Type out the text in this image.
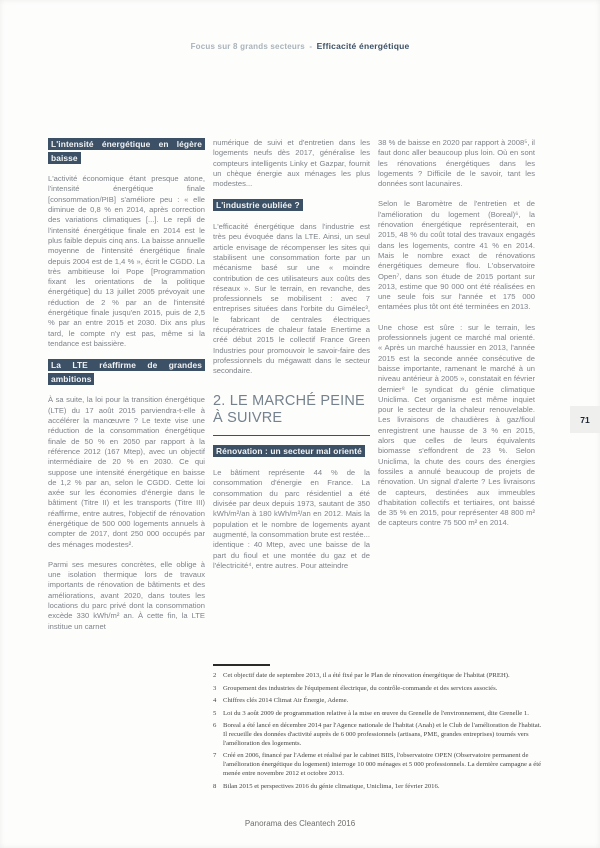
Focus sur 8 grands secteurs - Efficacité énergétique
L'intensité énergétique en légère baisse

L'activité économique étant presque atone, l'intensité énergétique finale [consommation/PIB] s'améliore peu : « elle diminue de 0,8 % en 2014, après correction des variations climatiques [...]. Le repli de l'intensité énergétique finale en 2014 est le plus faible depuis cinq ans. La baisse annuelle moyenne de l'intensité énergétique finale depuis 2004 est de 1,4 % », écrit le CGDD. La très ambitieuse loi Pope [Programmation fixant les orientations de la politique énergétique] du 13 juillet 2005 prévoyait une réduction de 2 % par an de l'intensité énergétique finale jusqu'en 2015, puis de 2,5 % par an entre 2015 et 2030. Dix ans plus tard, le compte n'y est pas, même si la tendance est baissière.

La LTE réaffirme de grandes ambitions

À sa suite, la loi pour la transition énergétique (LTE) du 17 août 2015 parviendra-t-elle à accélérer la manœuvre ? Le texte vise une réduction de la consommation énergétique finale de 50 % en 2050 par rapport à la référence 2012 (167 Mtep), avec un objectif intermédiaire de 20 % en 2030. Ce qui suppose une intensité énergétique en baisse de 1,2 % par an, selon le CGDD. Cette loi axée sur les économies d'énergie dans le bâtiment (Titre II) et les transports (Titre III) réaffirme, entre autres, l'objectif de rénovation énergétique de 500 000 logements annuels à compter de 2017, dont 250 000 occupés par des ménages modestes².

Parmi ses mesures concrètes, elle oblige à une isolation thermique lors de travaux importants de rénovation de bâtiments et des améliorations, avant 2020, dans toutes les locations du parc privé dont la consommation excède 330 kWh/m² an. À cette fin, la LTE institue un carnet

numérique de suivi et d'entretien dans les logements neufs dès 2017, généralise les compteurs intelligents Linky et Gazpar, fournit un chèque énergie aux ménages les plus modestes...

L'industrie oubliée ?

L'efficacité énergétique dans l'industrie est très peu évoquée dans la LTE. Ainsi, un seul article envisage de récompenser les sites qui stabilisent une consommation forte par un mécanisme basé sur une « moindre contribution de ces utilisateurs aux coûts des réseaux ». Sur le terrain, en revanche, des professionnels se mobilisent : avec 7 entreprises situées dans l'orbite du Gimélec³, le fabricant de centrales électriques récupératrices de chaleur fatale Enertime a créé début 2015 le collectif France Green Industries pour promouvoir le savoir-faire des professionnels du mégawatt dans le secteur secondaire.

2. LE MARCHÉ PEINE À SUIVRE
Rénovation : un secteur mal orienté

Le bâtiment représente 44 % de la consommation d'énergie en France. La consommation du parc résidentiel a été divisée par deux depuis 1973, sautant de 350 kWh/m²/an à 180 kWh/m²/an en 2012. Mais la population et le nombre de logements ayant augmenté, la consommation brute est restée... identique : 40 Mtep, avec une baisse de la part du fioul et une montée du gaz et de l'électricité⁴, entre autres. Pour atteindre

38 % de baisse en 2020 par rapport à 2008⁵, il faut donc aller beaucoup plus loin. Où en sont les rénovations énergétiques dans les logements ? Difficile de le savoir, tant les données sont lacunaires.

Selon le Baromètre de l'entretien et de l'amélioration du logement (Boreal)⁶, la rénovation énergétique représenterait, en 2015, 48 % du coût total des travaux engagés dans les logements, contre 41 % en 2014. Mais le nombre exact de rénovations énergétiques demeure flou. L'observatoire Open⁷, dans son étude de 2015 portant sur 2013, estime que 90 000 ont été réalisées en une seule fois sur l'année et 175 000 entamées plus tôt ont été terminées en 2013.

Une chose est sûre : sur le terrain, les professionnels jugent ce marché mal orienté. « Après un marché haussier en 2013, l'année 2015 est la seconde année consécutive de baisse importante, ramenant le marché à un niveau antérieur à 2005 », constatait en février dernier⁸ le syndicat du génie climatique Uniclima. Cet organisme est même inquiet pour le secteur de la chaleur renouvelable. Les livraisons de chaudières à gaz/fioul enregistrent une hausse de 3 % en 2015, alors que celles de leurs équivalents biomasse s'effondrent de 23 %. Selon Uniclima, la chute des cours des énergies fossiles a annulé beaucoup de projets de rénovation. Un signal d'alerte ? Les livraisons de capteurs, destinées aux immeubles d'habitation collectifs et tertiaires, ont baissé de 35 % en 2015, pour représenter 48 800 m² de capteurs contre 75 500 m² en 2014.

2 Cet objectif date de septembre 2013, il a été fixé par le Plan de rénovation énergétique de l'habitat (PREH).
3 Groupement des industries de l'équipement électrique, du contrôle-commande et des services associés.
4 Chiffres clés 2014 Climat Air Énergie, Ademe.
5 Loi du 3 août 2009 de programmation relative à la mise en œuvre du Grenelle de l'environnement, dite Grenelle 1.
6 Boreal a été lancé en décembre 2014 par l'Agence nationale de l'habitat (Anah) et le Club de l'amélioration de l'habitat. Il recueille des données d'activité auprès de 6 000 professionnels (artisans, PME, grandes entreprises) tournés vers l'amélioration des logements.
7 Créé en 2006, financé par l'Ademe et réalisé par le cabinet BIIS, l'observatoire OPEN (Observatoire permanent de l'amélioration énergétique du logement) interroge 10 000 ménages et 5 000 professionnels. La dernière campagne a été menée entre novembre 2012 et octobre 2013.
8 Bilan 2015 et perspectives 2016 du génie climatique, Uniclima, 1er février 2016.
71
Panorama des Cleantech 2016
